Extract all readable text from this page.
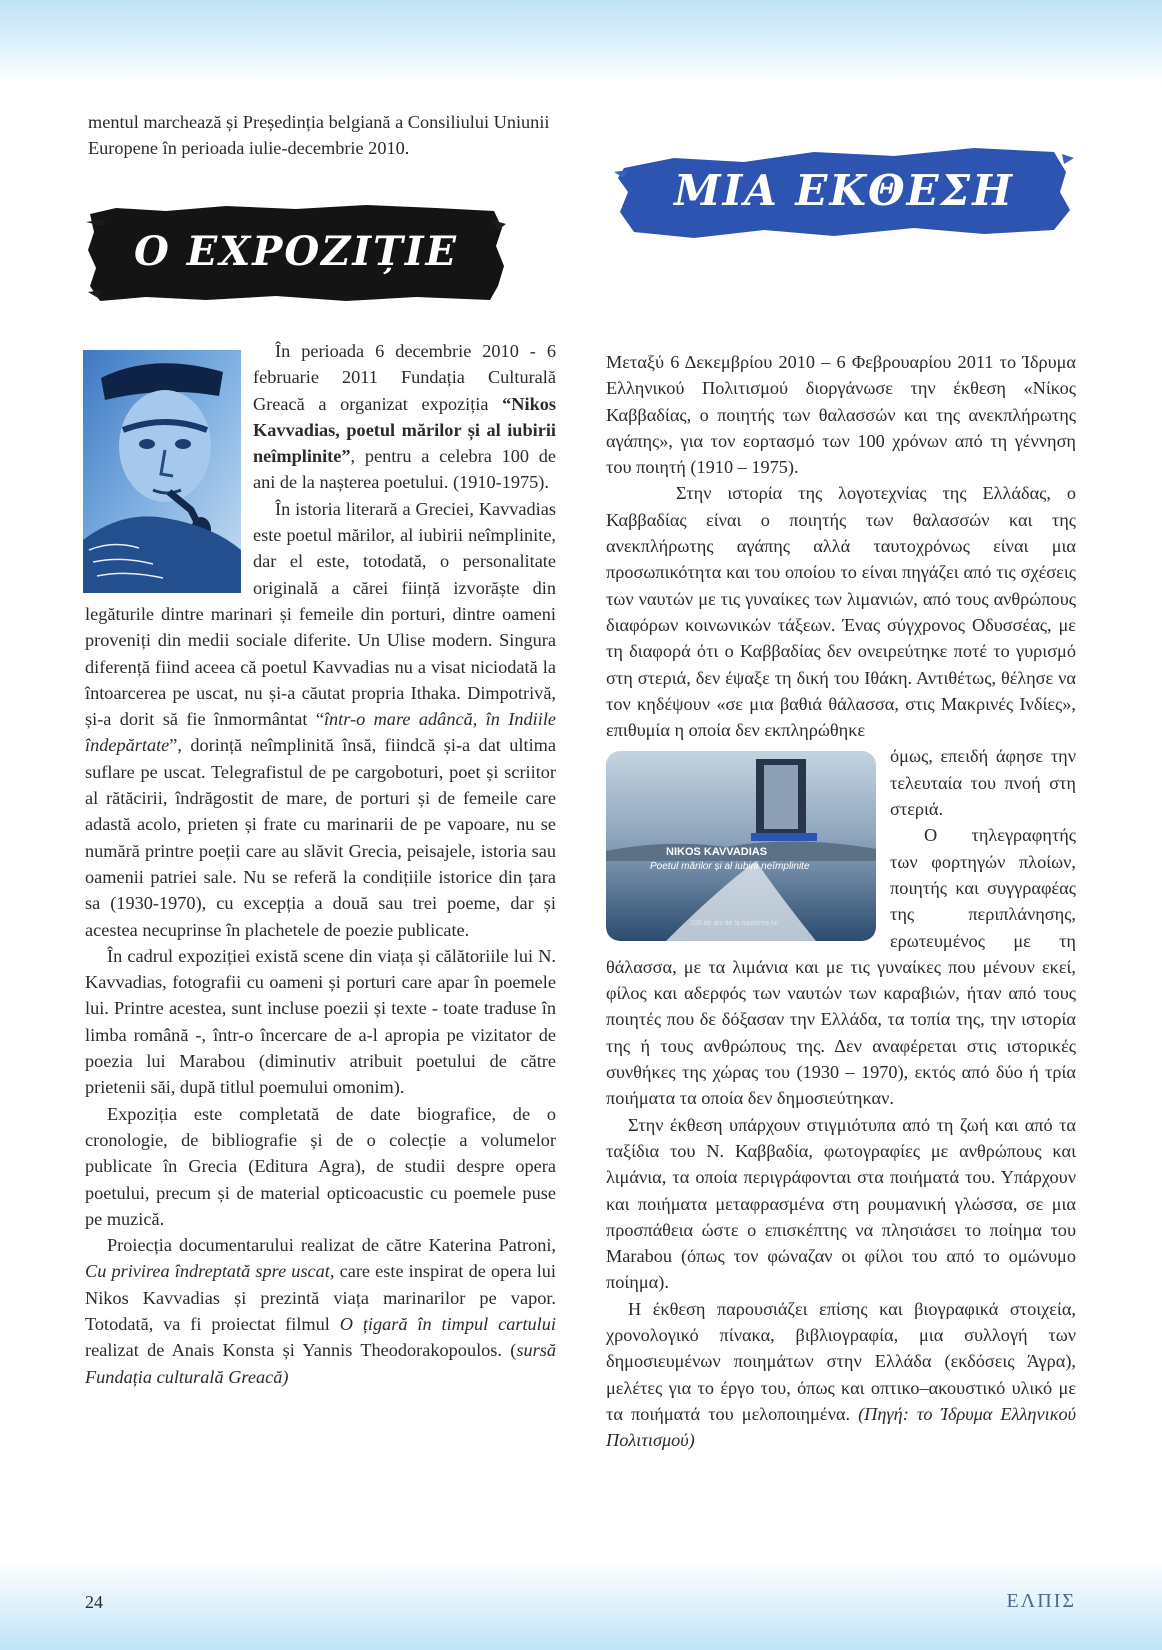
mentul marchează și Președinția belgiană a Consiliului Uniunii Europene în perioada iulie-decembrie 2010.

O EXPOZIȚIE
ΜΙΑ ΕΚΘΕΣΗ

În perioada 6 decembrie 2010 - 6 februarie 2011 Fundația Culturală Greacă a organizat expoziția “Nikos Kavvadias, poetul mărilor și al iubirii neîmplinite”, pentru a celebra 100 de ani de la nașterea poetului. (1910-1975).

În istoria literară a Greciei, Kavvadias este poetul mărilor, al iubirii neîmplinite, dar el este, totodată, o personalitate originală a cărei ființă izvorăște din legăturile dintre marinari și femeile din porturi, dintre oameni proveniți din medii sociale diferite. Un Ulise modern. Singura diferență fiind aceea că poetul Kavvadias nu a visat niciodată la întoarcerea pe uscat, nu și-a căutat propria Ithaka. Dimpotrivă, și-a dorit să fie înmormântat “într-o mare adâncă, în Indiile îndepărtate”, dorință neîmplinită însă, fiindcă și-a dat ultima suflare pe uscat. Telegrafistul de pe cargoboturi, poet și scriitor al rătăcirii, îndrăgostit de mare, de porturi și de femeile care adastă acolo, prieten și frate cu marinarii de pe vapoare, nu se numără printre poeții care au slăvit Grecia, peisajele, istoria sau oamenii patriei sale. Nu se referă la condițiile istorice din țara sa (1930-1970), cu excepția a două sau trei poeme, dar și acestea necuprinse în plachetele de poezie publicate.

În cadrul expoziției există scene din viața și călătoriile lui N. Kavvadias, fotografii cu oameni și porturi care apar în poemele lui. Printre acestea, sunt incluse poezii și texte - toate traduse în limba română -, într-o încercare de a-l apropia pe vizitator de poezia lui Marabou (diminutiv atribuit poetului de către prietenii săi, după titlul poemului omonim).

Expoziția este completată de date biografice, de o cronologie, de bibliografie și de o colecție a volumelor publicate în Grecia (Editura Agra), de studii despre opera poetului, precum și de material opticoacustic cu poemele puse pe muzică.

Proiecția documentarului realizat de către Katerina Patroni, Cu privirea îndreptată spre uscat, care este inspirat de opera lui Nikos Kavvadias și prezintă viața marinarilor pe vapor. Totodată, va fi proiectat filmul O țigară în timpul cartului realizat de Anais Konsta și Yannis Theodorakopoulos. (sursă Fundația culturală Greacă)

Μεταξύ 6 Δεκεμβρίου 2010 – 6 Φεβρουαρίου 2011 το Ίδρυμα Ελληνικού Πολιτισμού διοργάνωσε την έκθεση «Νίκος Καββαδίας, ο ποιητής των θαλασσών και της ανεκπλήρωτης αγάπης», για τον εορτασμό των 100 χρόνων από τη γέννηση του ποιητή (1910 – 1975).

Στην ιστορία της λογοτεχνίας της Ελλάδας, ο Καββαδίας είναι ο ποιητής των θαλασσών και της ανεκπλήρωτης αγάπης αλλά ταυτοχρόνως είναι μια προσωπικότητα και του οποίου το είναι πηγάζει από τις σχέσεις των ναυτών με τις γυναίκες των λιμανιών, από τους ανθρώπους διαφόρων κοινωνικών τάξεων. Ένας σύγχρονος Οδυσσέας, με τη διαφορά ότι ο Καββαδίας δεν ονειρεύτηκε ποτέ το γυρισμό στη στεριά, δεν έψαξε τη δική του Ιθάκη. Αντιθέτως, θέλησε να τον κηδέψουν «σε μια βαθιά θάλασσα, στις Μακρινές Ινδίες», επιθυμία η οποία δεν εκπληρώθηκε

NIKOS KAVVADIAS
Poetul mărilor și al iubirii neîmplinite
100 de ani de la nașterea lui

όμως, επειδή άφησε την τελευταία του πνοή στη στεριά.

Ο τηλεγραφητής των φορτηγών πλοίων, ποιητής και συγγραφέας της περιπλάνησης, ερωτευμένος με τη θάλασσα, με τα λιμάνια και με τις γυναίκες που μένουν εκεί, φίλος και αδερφός των ναυτών των καραβιών, ήταν από τους ποιητές που δε δόξασαν την Ελλάδα, τα τοπία της, την ιστορία της ή τους ανθρώπους της. Δεν αναφέρεται στις ιστορικές συνθήκες της χώρας του (1930 – 1970), εκτός από δύο ή τρία ποιήματα τα οποία δεν δημοσιεύτηκαν.

Στην έκθεση υπάρχουν στιγμιότυπα από τη ζωή και από τα ταξίδια του Ν. Καββαδία, φωτογραφίες με ανθρώπους και λιμάνια, τα οποία περιγράφονται στα ποιήματά του. Υπάρχουν και ποιήματα μεταφρασμένα στη ρουμανική γλώσσα, σε μια προσπάθεια ώστε ο επισκέπτης να πλησιάσει το ποίημα του Marabou (όπως τον φώναζαν οι φίλοι του από το ομώνυμο ποίημα).

Η έκθεση παρουσιάζει επίσης και βιογραφικά στοιχεία, χρονολογικό πίνακα, βιβλιογραφία, μια συλλογή των δημοσιευμένων ποιημάτων στην Ελλάδα (εκδόσεις Άγρα), μελέτες για το έργο του, όπως και οπτικο–ακουστικό υλικό με τα ποιήματά του μελοποιημένα. (Πηγή: το Ίδρυμα Ελληνικού Πολιτισμού)

24	ΕΛΠΙΣ
